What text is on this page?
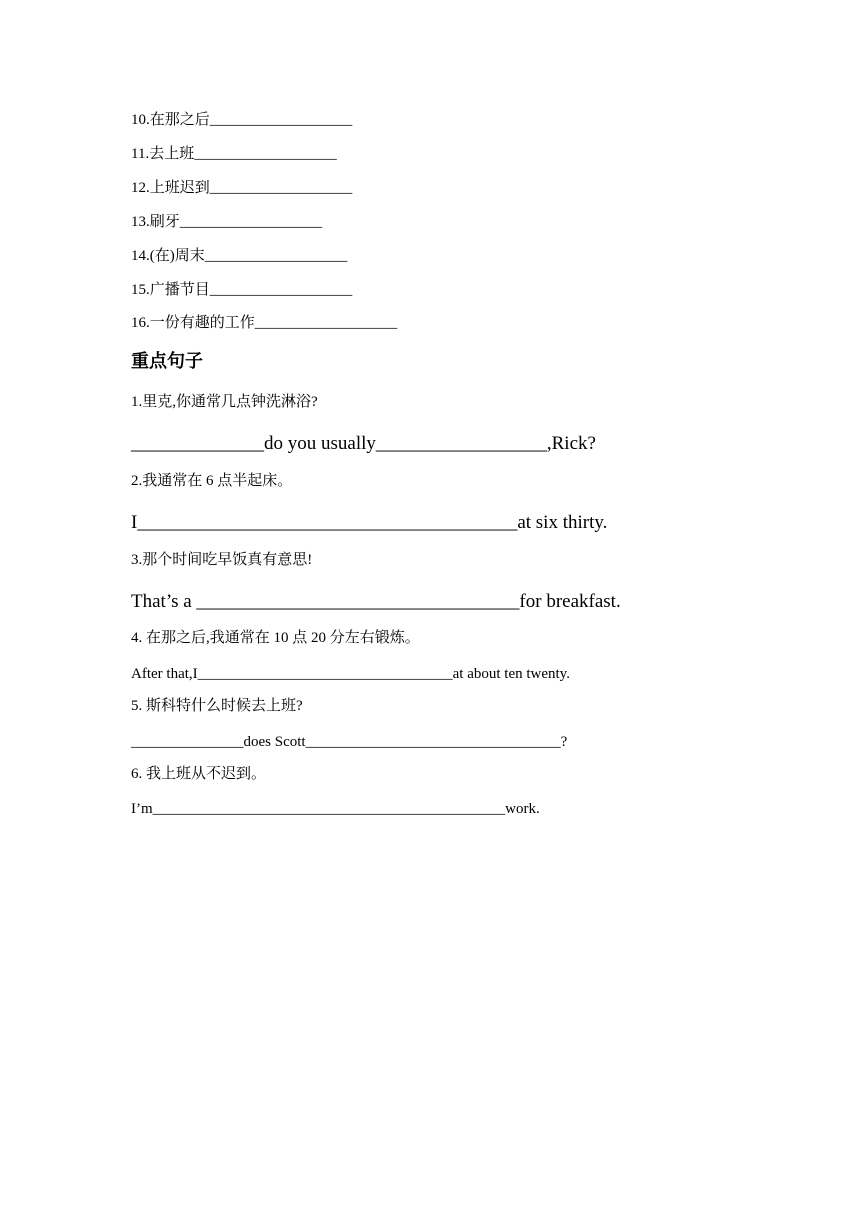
10.在那之后___________________
11.去上班___________________
12.上班迟到___________________
13.刷牙___________________
14.(在)周末___________________
15.广播节目___________________
16.一份有趣的工作___________________
重点句子
1.里克,你通常几点钟洗淋浴?
______________do you usually__________________,Rick?
2.我通常在 6 点半起床。
I________________________________________at six thirty.
3.那个时间吃早饭真有意思!
That’s a __________________________________for breakfast.
4. 在那之后,我通常在 10 点 20 分左右锻炼。
After that,I__________________________________at about ten twenty.
5. 斯科特什么时候去上班?
_______________does Scott__________________________________?
6. 我上班从不迟到。
I’m_______________________________________________work.
